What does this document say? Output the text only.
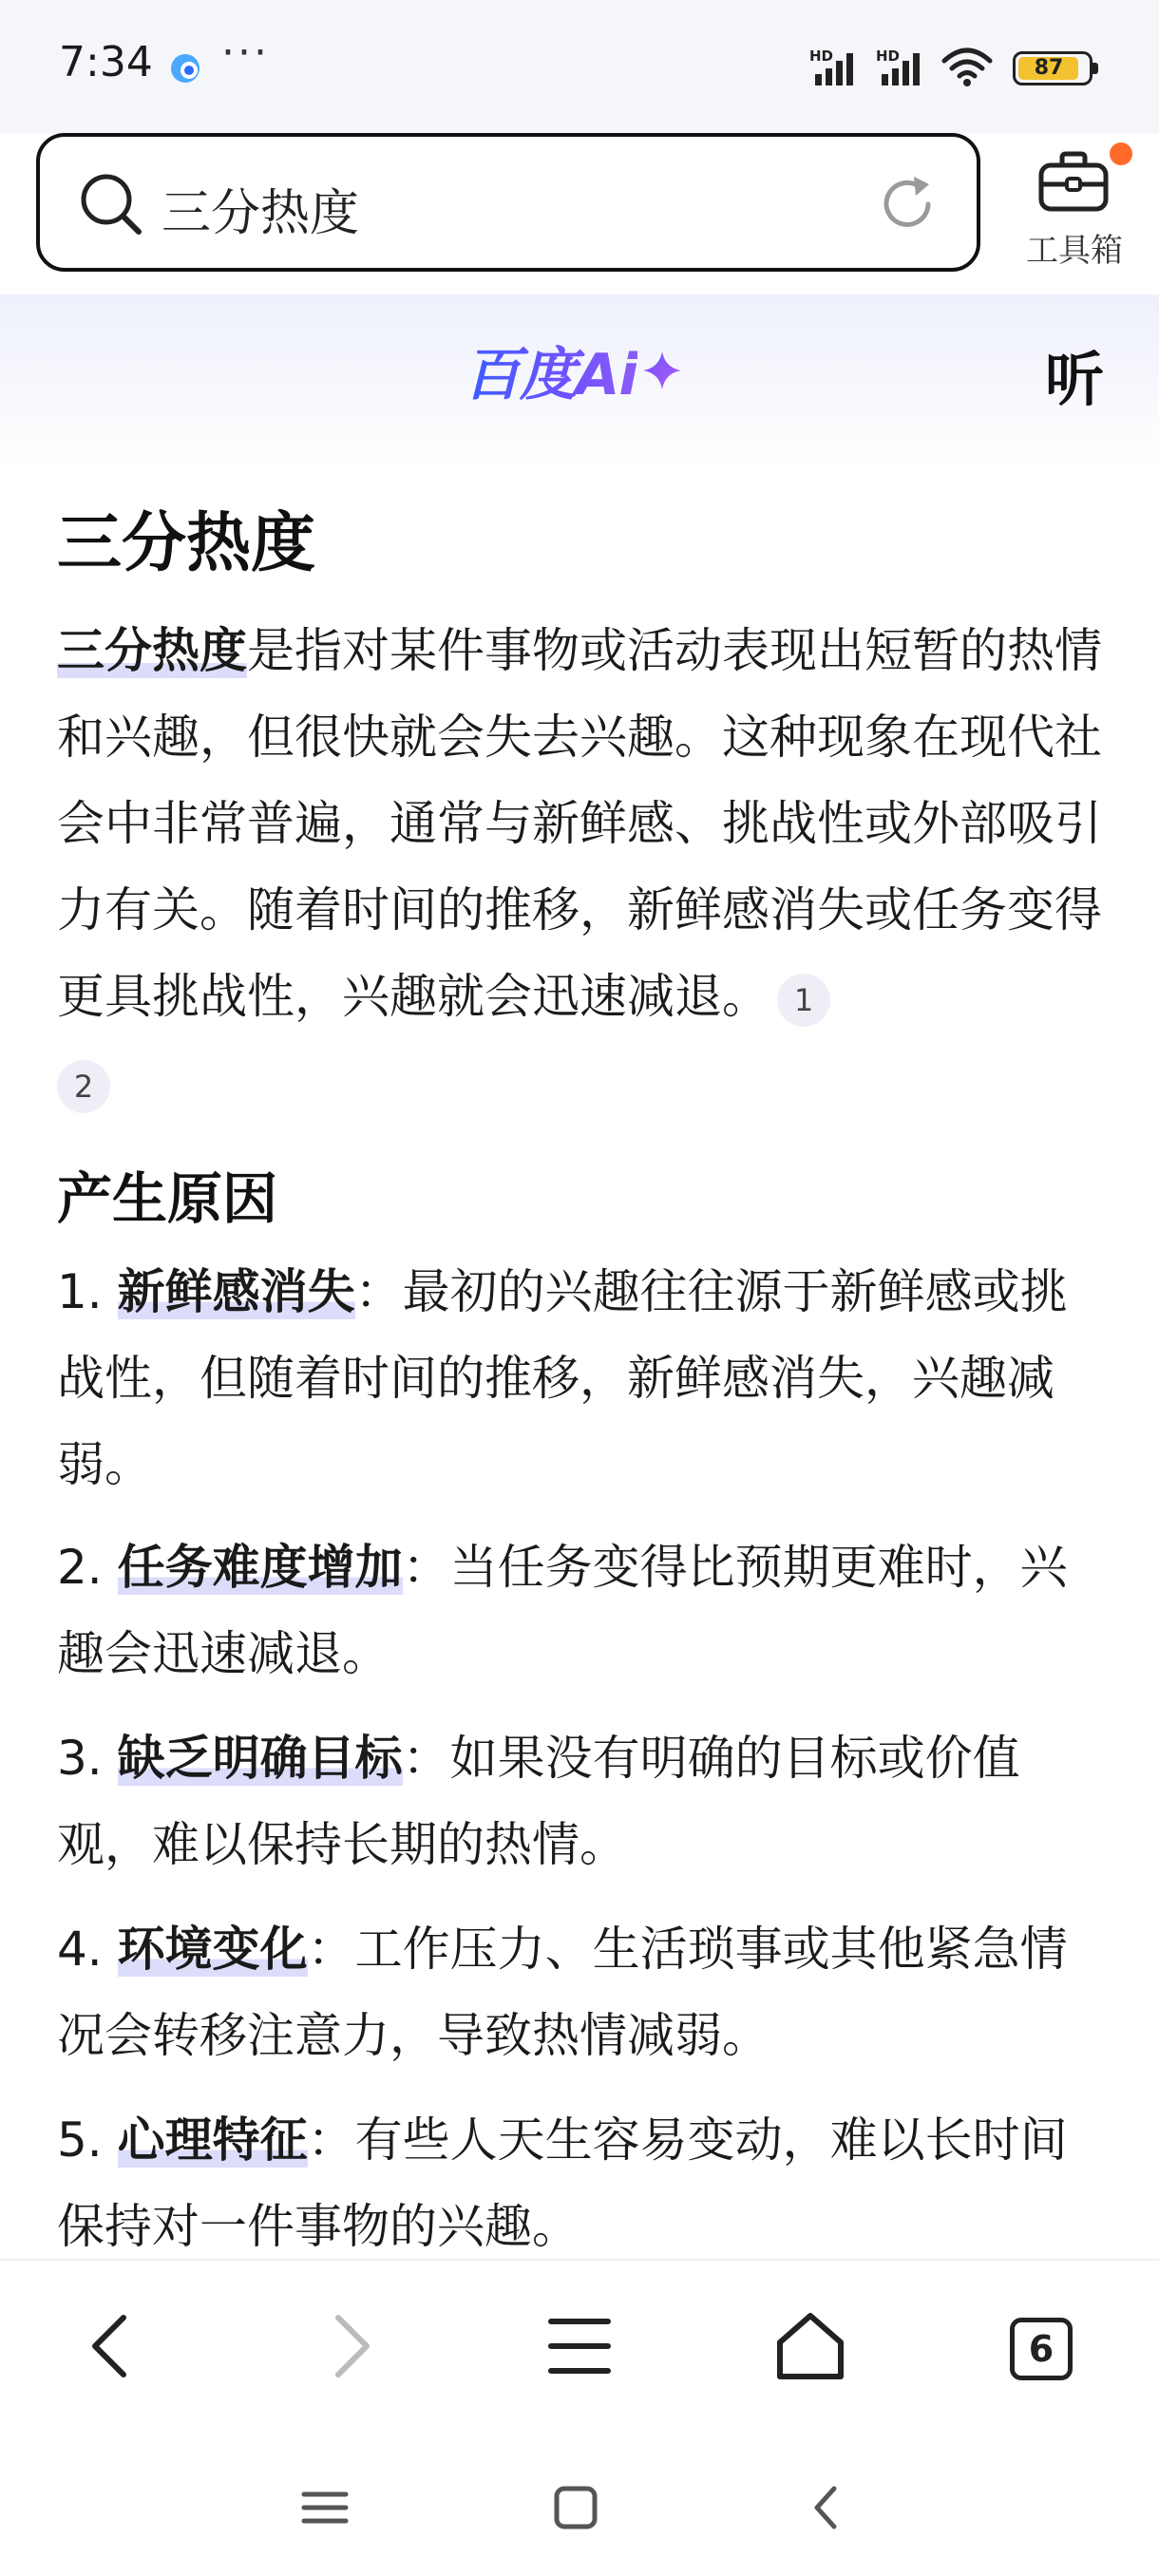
7:34 ···	HD	HD	87
三分热度
工具箱
百度Ai	听
三分热度
三分热度是指对某件事物或活动表现出短暂的热情和兴趣，但很快就会失去兴趣。这种现象在现代社会中非常普遍，通常与新鲜感、挑战性或外部吸引力有关。随着时间的推移，新鲜感消失或任务变得更具挑战性，兴趣就会迅速减退。 1
2
产生原因
1. 新鲜感消失：最初的兴趣往往源于新鲜感或挑战性，但随着时间的推移，新鲜感消失，兴趣减弱。
2. 任务难度增加：当任务变得比预期更难时，兴趣会迅速减退。
3. 缺乏明确目标：如果没有明确的目标或价值观，难以保持长期的热情。
4. 环境变化：工作压力、生活琐事或其他紧急情况会转移注意力，导致热情减弱。
5. 心理特征：有些人天生容易变动，难以长时间保持对一件事物的兴趣。
6
